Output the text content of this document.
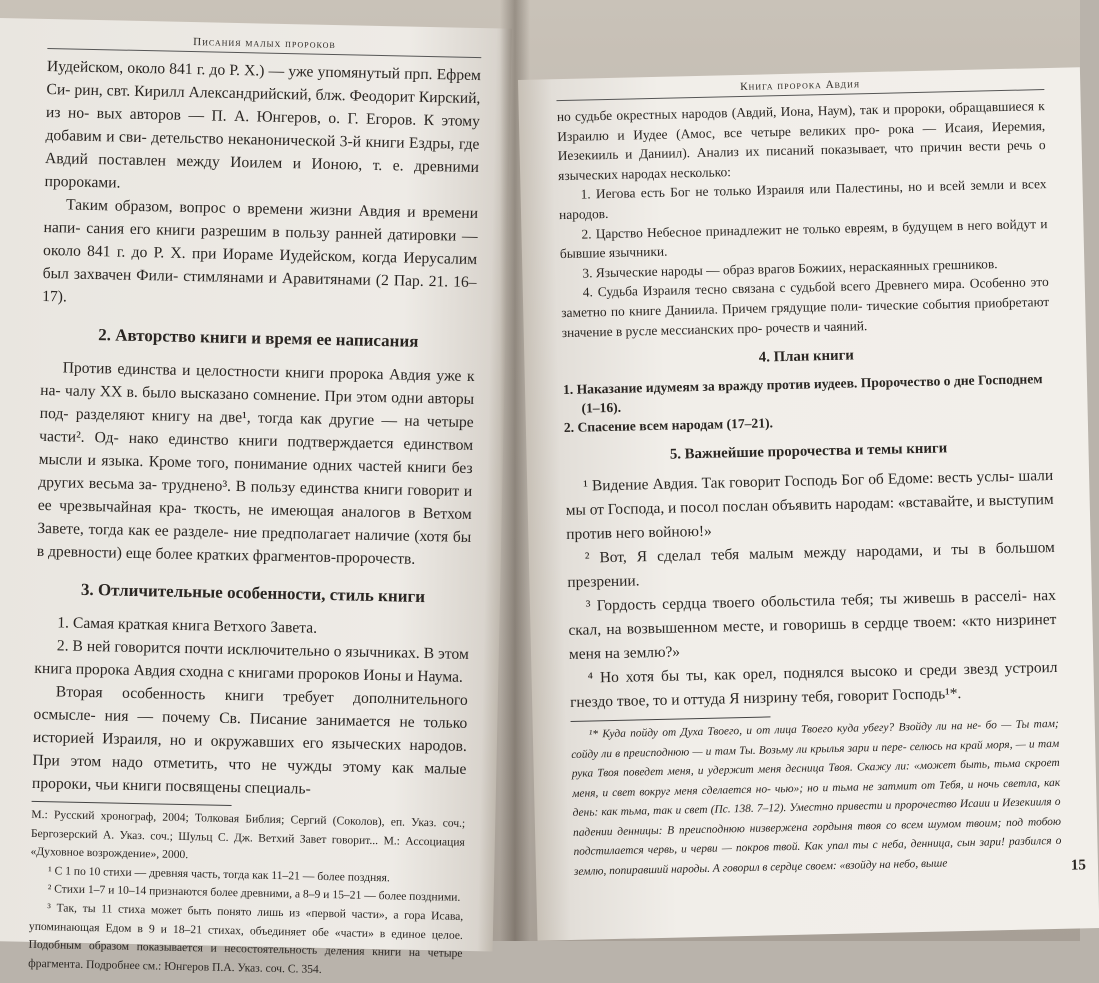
Писания малых пророков

Иудейском, около 841 г. до Р. Х.) — уже упомянутый прп. Ефрем Си- рин, свт. Кирилл Александрийский, блж. Феодорит Кирский, из но- вых авторов — П. А. Юнгеров, о. Г. Егоров. К этому добавим и сви- детельство неканонической 3-й книги Ездры, где Авдий поставлен между Иоилем и Ионою, т. е. древними пророками.

Таким образом, вопрос о времени жизни Авдия и времени напи- сания его книги разрешим в пользу ранней датировки — около 841 г. до Р. Х. при Иораме Иудейском, когда Иерусалим был захвачен Фили- стимлянами и Аравитянами (2 Пар. 21. 16–17).

2. Авторство книги и время ее написания

Против единства и целостности книги пророка Авдия уже к на- чалу XX в. было высказано сомнение. При этом одни авторы под- разделяют книгу на две¹, тогда как другие — на четыре части². Од- нако единство книги подтверждается единством мысли и языка. Кроме того, понимание одних частей книги без других весьма за- труднено³. В пользу единства книги говорит и ее чрезвычайная кра- ткость, не имеющая аналогов в Ветхом Завете, тогда как ее разделе- ние предполагает наличие (хотя бы в древности) еще более кратких фрагментов-пророчеств.

3. Отличительные особенности, стиль книги

1. Самая краткая книга Ветхого Завета.

2. В ней говорится почти исключительно о язычниках. В этом книга пророка Авдия сходна с книгами пророков Ионы и Наума.

Вторая особенность книги требует дополнительного осмысле- ния — почему Св. Писание занимается не только историей Израиля, но и окружавших его языческих народов. При этом надо отметить, что не чужды этому как малые пророки, чьи книги посвящены специаль-

М.: Русский хронограф, 2004; Толковая Библия; Сергий (Соколов), еп. Указ. соч.; Бергозерский А. Указ. соч.; Шульц С. Дж. Ветхий Завет говорит... М.: Ассоциация «Духовное возрождение», 2000.

¹ С 1 по 10 стихи — древняя часть, тогда как 11–21 — более поздняя.

² Стихи 1–7 и 10–14 признаются более древними, а 8–9 и 15–21 — более поздними.

³ Так, ты 11 стиха может быть понято лишь из «первой части», а гора Исава, упоминающая Едом в 9 и 18–21 стихах, объединяет обе «части» в единое целое. Подобным образом показывается и несостоятельность деления книги на четыре фрагмента. Подробнее см.: Юнгеров П.А. Указ. соч. С. 354.

Книга пророка Авдия

но судьбе окрестных народов (Авдий, Иона, Наум), так и пророки, обращавшиеся к Израилю и Иудее (Амос, все четыре великих про- рока — Исаия, Иеремия, Иезекииль и Даниил). Анализ их писаний показывает, что причин вести речь о языческих народах несколько:

1. Иегова есть Бог не только Израиля или Палестины, но и всей земли и всех народов.

2. Царство Небесное принадлежит не только евреям, в будущем в него войдут и бывшие язычники.

3. Языческие народы — образ врагов Божиих, нераскаянных грешников.

4. Судьба Израиля тесно связана с судьбой всего Древнего мира. Особенно это заметно по книге Даниила. Причем грядущие поли- тические события приобретают значение в русле мессианских про- рочеств и чаяний.

4. План книги

1. Наказание идумеям за вражду против иудеев. Пророчество о дне Господнем (1–16).

2. Спасение всем народам (17–21).

5. Важнейшие пророчества и темы книги

¹ Видение Авдия. Так говорит Господь Бог об Едоме: весть услы- шали мы от Господа, и посол послан объявить народам: «вставайте, и выступим против него войною!»

² Вот, Я сделал тебя малым между народами, и ты в большом презрении.

³ Гордость сердца твоего обольстила тебя; ты живешь в расселі- нах скал, на возвышенном месте, и говоришь в сердце твоем: «кто низринет меня на землю?»

⁴ Но хотя бы ты, как орел, поднялся высоко и среди звезд устроил гнездо твое, то и оттуда Я низрину тебя, говорит Господь¹*.

¹* Куда пойду от Духа Твоего, и от лица Твоего куда убегу? Взойду ли на не- бо — Ты там; сойду ли в преисподнюю — и там Ты. Возьму ли крылья зари и пере- селюсь на край моря, — и там рука Твоя поведет меня, и удержит меня десница Твоя. Скажу ли: «может быть, тьма скроет меня, и свет вокруг меня сделается но- чью»; но и тьма не затмит от Тебя, и ночь светла, как день: как тьма, так и свет (Пс. 138. 7–12). Уместно привести и пророчество Исаии и Иезекииля о падении денницы: В преисподнюю низвержена гордыня твоя со всем шумом твоим; под тобою подстилается червь, и черви — покров твой. Как упал ты с неба, денница, сын зари! разбился о землю, попиравший народы. А говорил в сердце своем: «взойду на небо, выше	15
